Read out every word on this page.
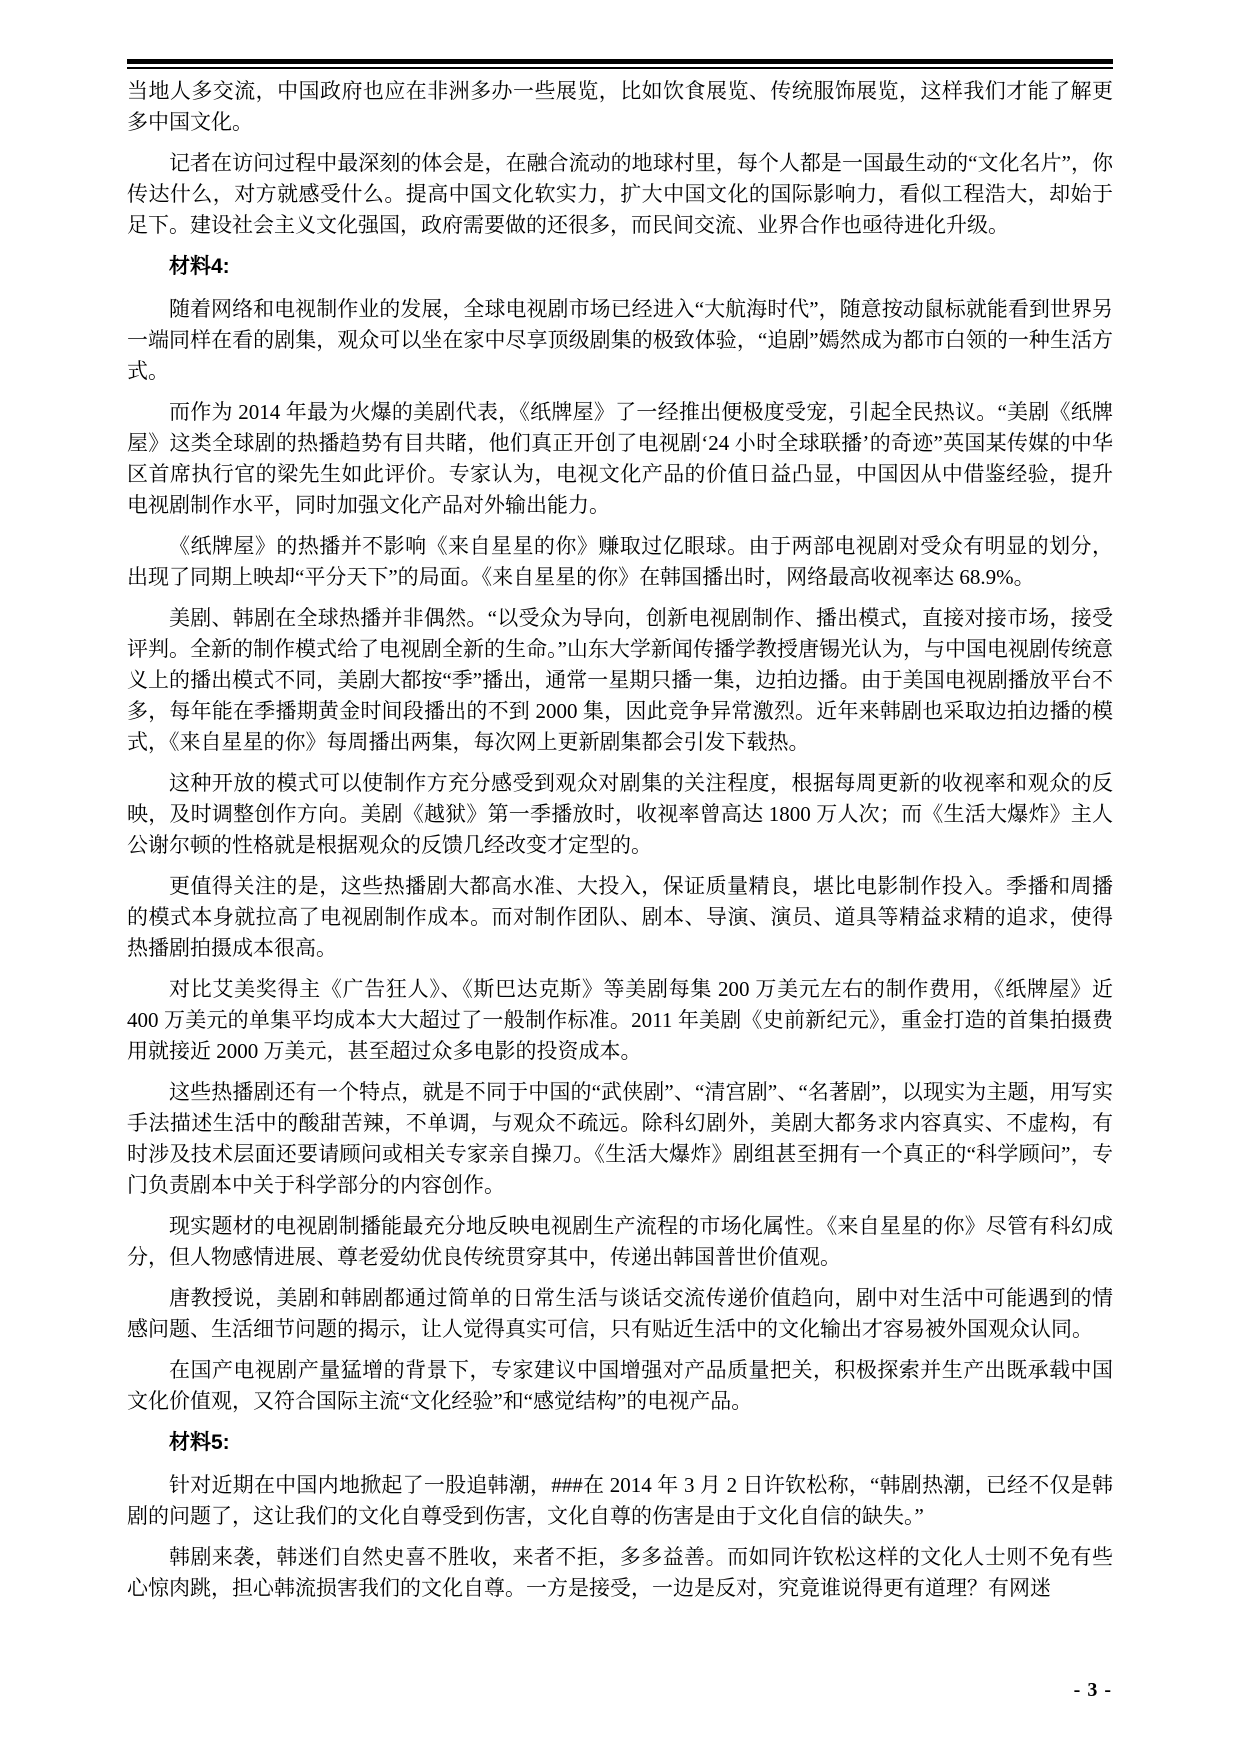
当地人多交流，中国政府也应在非洲多办一些展览，比如饮食展览、传统服饰展览，这样我们才能了解更多中国文化。

记者在访问过程中最深刻的体会是，在融合流动的地球村里，每个人都是一国最生动的“文化名片”，你传达什么，对方就感受什么。提高中国文化软实力，扩大中国文化的国际影响力，看似工程浩大，却始于足下。建设社会主义文化强国，政府需要做的还很多，而民间交流、业界合作也亟待进化升级。

材料4:

随着网络和电视制作业的发展，全球电视剧市场已经进入“大航海时代”，随意按动鼠标就能看到世界另一端同样在看的剧集，观众可以坐在家中尽享顶级剧集的极致体验，“追剧”嫣然成为都市白领的一种生活方式。

而作为 2014 年最为火爆的美剧代表，《纸牌屋》了一经推出便极度受宠，引起全民热议。“美剧《纸牌屋》这类全球剧的热播趋势有目共睹，他们真正开创了电视剧‘24 小时全球联播’的奇迹”英国某传媒的中华区首席执行官的梁先生如此评价。专家认为，电视文化产品的价值日益凸显，中国因从中借鉴经验，提升电视剧制作水平，同时加强文化产品对外输出能力。

《纸牌屋》的热播并不影响《来自星星的你》赚取过亿眼球。由于两部电视剧对受众有明显的划分，出现了同期上映却“平分天下”的局面。《来自星星的你》在韩国播出时，网络最高收视率达 68.9%。

美剧、韩剧在全球热播并非偶然。“以受众为导向，创新电视剧制作、播出模式，直接对接市场，接受评判。全新的制作模式给了电视剧全新的生命。”山东大学新闻传播学教授唐锡光认为，与中国电视剧传统意义上的播出模式不同，美剧大都按“季”播出，通常一星期只播一集，边拍边播。由于美国电视剧播放平台不多，每年能在季播期黄金时间段播出的不到 2000 集，因此竞争异常激烈。近年来韩剧也采取边拍边播的模式，《来自星星的你》每周播出两集，每次网上更新剧集都会引发下载热。

这种开放的模式可以使制作方充分感受到观众对剧集的关注程度，根据每周更新的收视率和观众的反映，及时调整创作方向。美剧《越狱》第一季播放时，收视率曾高达 1800 万人次；而《生活大爆炸》主人公谢尔顿的性格就是根据观众的反馈几经改变才定型的。

更值得关注的是，这些热播剧大都高水准、大投入，保证质量精良，堪比电影制作投入。季播和周播的模式本身就拉高了电视剧制作成本。而对制作团队、剧本、导演、演员、道具等精益求精的追求，使得热播剧拍摄成本很高。

对比艾美奖得主《广告狂人》、《斯巴达克斯》等美剧每集 200 万美元左右的制作费用，《纸牌屋》近 400 万美元的单集平均成本大大超过了一般制作标准。2011 年美剧《史前新纪元》，重金打造的首集拍摄费用就接近 2000 万美元，甚至超过众多电影的投资成本。

这些热播剧还有一个特点，就是不同于中国的“武侠剧”、“清宫剧”、“名著剧”，以现实为主题，用写实手法描述生活中的酸甜苦辣，不单调，与观众不疏远。除科幻剧外，美剧大都务求内容真实、不虚构，有时涉及技术层面还要请顾问或相关专家亲自操刀。《生活大爆炸》剧组甚至拥有一个真正的“科学顾问”，专门负责剧本中关于科学部分的内容创作。

现实题材的电视剧制播能最充分地反映电视剧生产流程的市场化属性。《来自星星的你》尽管有科幻成分，但人物感情进展、尊老爱幼优良传统贯穿其中，传递出韩国普世价值观。

唐教授说，美剧和韩剧都通过简单的日常生活与谈话交流传递价值趋向，剧中对生活中可能遇到的情感问题、生活细节问题的揭示，让人觉得真实可信，只有贴近生活中的文化输出才容易被外国观众认同。

在国产电视剧产量猛增的背景下，专家建议中国增强对产品质量把关，积极探索并生产出既承载中国文化价值观，又符合国际主流“文化经验”和“感觉结构”的电视产品。

材料5:

针对近期在中国内地掀起了一股追韩潮，###在 2014 年 3 月 2 日许钦松称，“韩剧热潮，已经不仅是韩剧的问题了，这让我们的文化自尊受到伤害，文化自尊的伤害是由于文化自信的缺失。”

韩剧来袭，韩迷们自然史喜不胜收，来者不拒，多多益善。而如同许钦松这样的文化人士则不免有些心惊肉跳，担心韩流损害我们的文化自尊。一方是接受，一边是反对，究竟谁说得更有道理？有网迷

- 3 -
